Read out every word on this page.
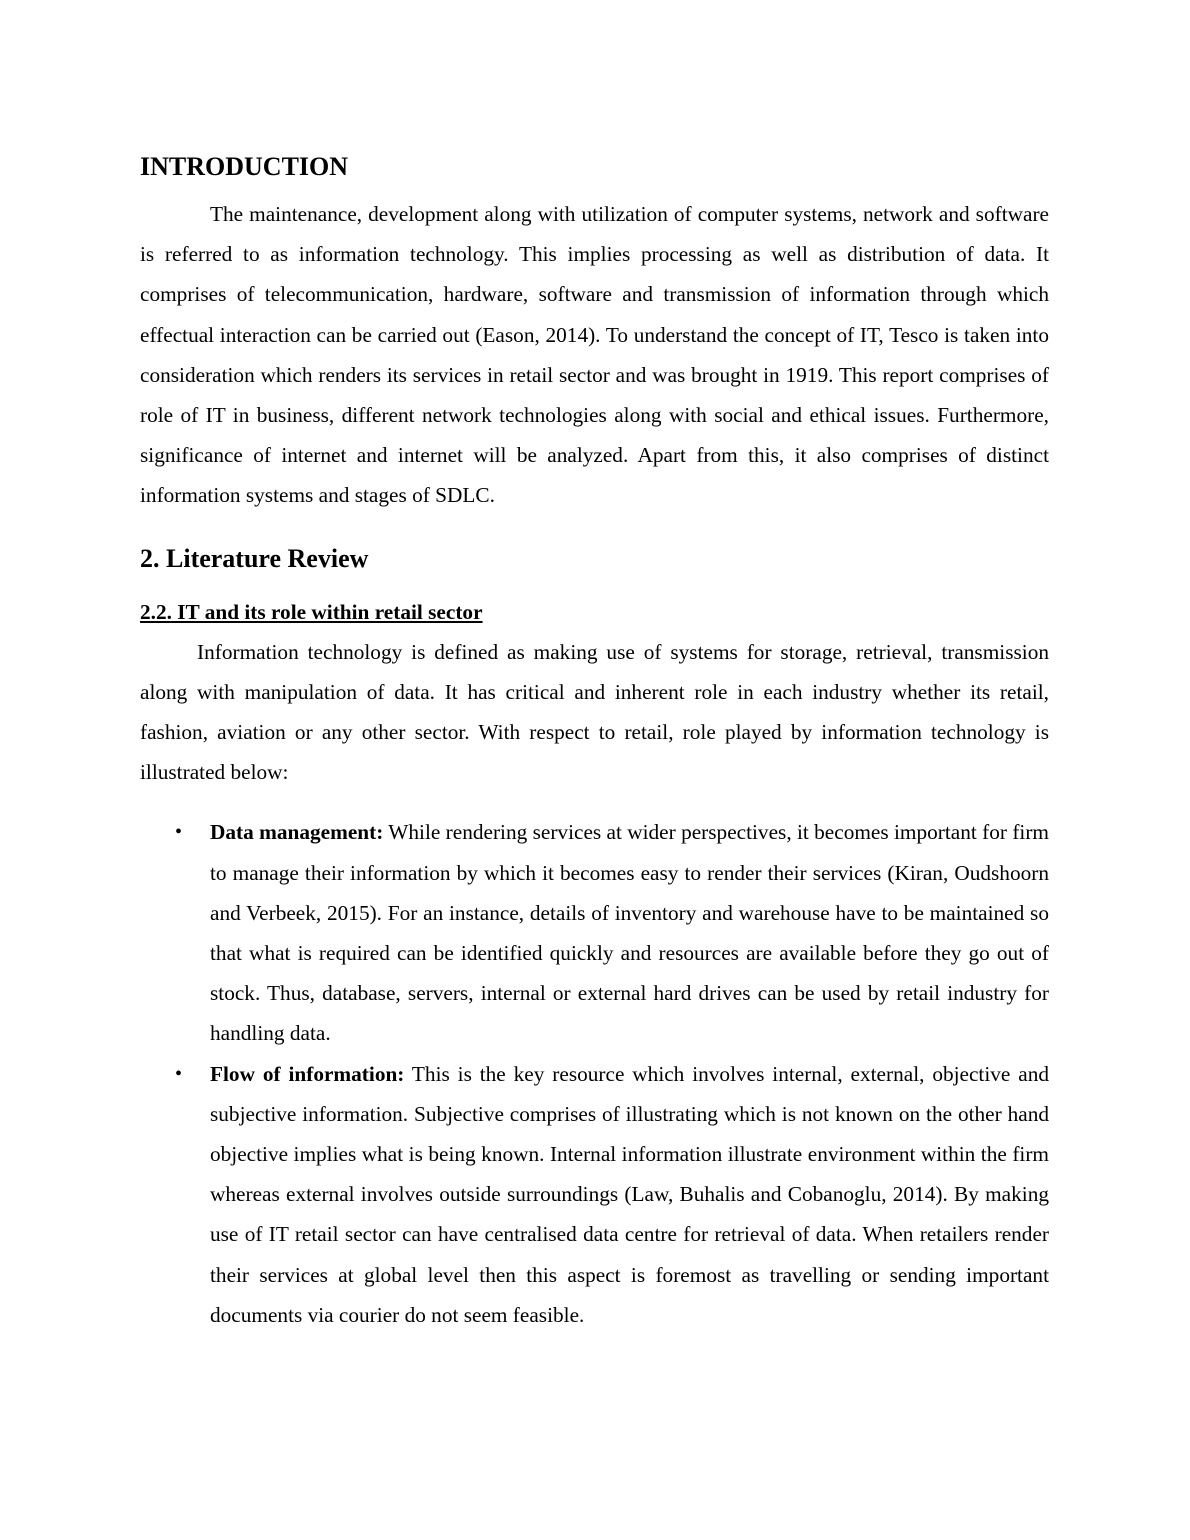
INTRODUCTION

The maintenance, development along with utilization of computer systems, network and software is referred to as information technology. This implies processing as well as distribution of data. It comprises of telecommunication, hardware, software and transmission of information through which effectual interaction can be carried out (Eason, 2014). To understand the concept of IT, Tesco is taken into consideration which renders its services in retail sector and was brought in 1919. This report comprises of role of IT in business, different network technologies along with social and ethical issues. Furthermore, significance of internet and internet will be analyzed. Apart from this, it also comprises of distinct information systems and stages of SDLC.

2. Literature Review
2.2. IT and its role within retail sector

Information technology is defined as making use of systems for storage, retrieval, transmission along with manipulation of data. It has critical and inherent role in each industry whether its retail, fashion, aviation or any other sector. With respect to retail, role played by information technology is illustrated below:

• Data management: While rendering services at wider perspectives, it becomes important for firm to manage their information by which it becomes easy to render their services (Kiran, Oudshoorn and Verbeek, 2015). For an instance, details of inventory and warehouse have to be maintained so that what is required can be identified quickly and resources are available before they go out of stock. Thus, database, servers, internal or external hard drives can be used by retail industry for handling data.
• Flow of information: This is the key resource which involves internal, external, objective and subjective information. Subjective comprises of illustrating which is not known on the other hand objective implies what is being known. Internal information illustrate environment within the firm whereas external involves outside surroundings (Law, Buhalis and Cobanoglu, 2014). By making use of IT retail sector can have centralised data centre for retrieval of data. When retailers render their services at global level then this aspect is foremost as travelling or sending important documents via courier do not seem feasible.
